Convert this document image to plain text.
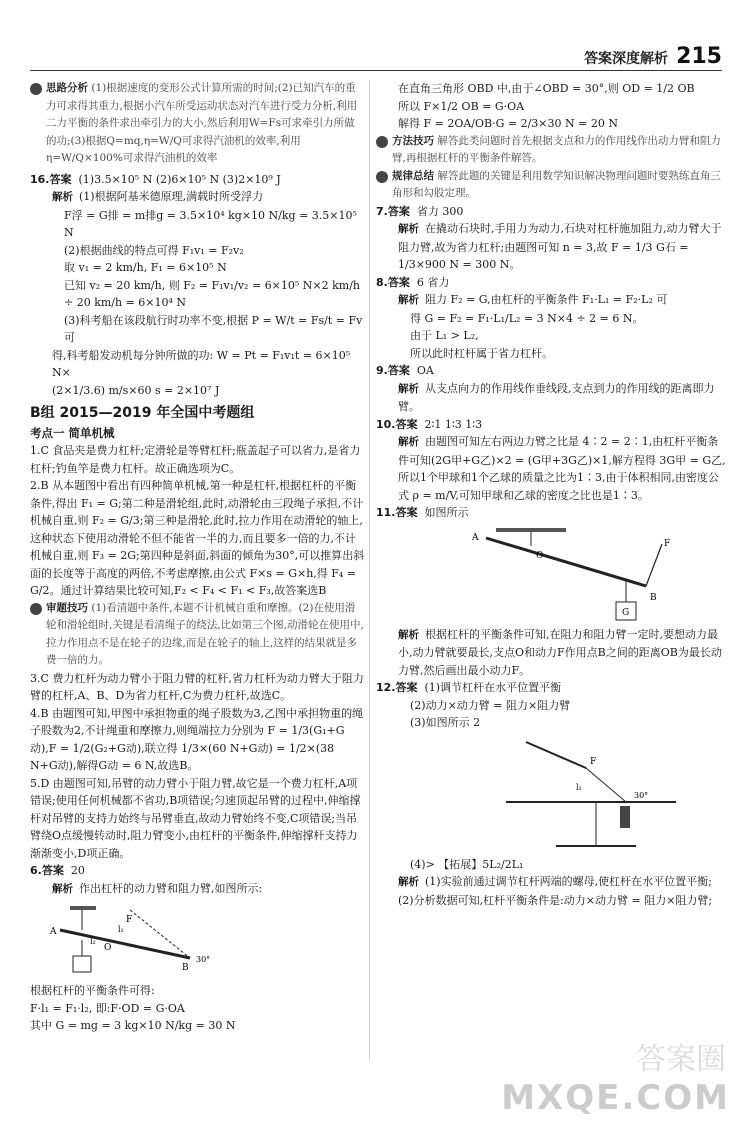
答案深度解析 215

思路分析 (1)根据速度的变形公式计算所需的时间;(2)已知汽车的重力可求得其重力,根据小汽车所受运动状态对汽车进行受力分析,利用二力平衡的条件求出牵引力的大小,然后利用W=Fs可求牵引力所做的功;(3)根据Q=mq,η=W/Q可求得汽油机的效率,利用η=W/Q×100%可求得汽油机的效率

16.答案 (1)3.5×10⁵ N (2)6×10⁵ N (3)2×10⁹ J

解析 (1)根据阿基米德原理,满载时所受浮力

F浮 = G排 = m排g = 3.5×10⁴ kg×10 N/kg = 3.5×10⁵ N

(2)根据曲线的特点可得 F₁v₁ = F₂v₂

取 v₁ = 2 km/h, F₁ = 6×10⁵ N

已知 v₂ = 20 km/h, 则 F₂ = F₁v₁/v₂ = 6×10⁵ N×2 km/h ÷ 20 km/h = 6×10⁴ N

(3)科考船在该段航行时功率不变,根据 P = W/t = Fs/t = Fv 可

得,科考船发动机每分钟所做的功: W = Pt = F₁v₁t = 6×10⁵ N×

(2×1/3.6) m/s×60 s = 2×10⁷ J

B组 2015—2019 年全国中考题组

考点一 简单机械

1.C 食品夹是费力杠杆;定滑轮是等臂杠杆;瓶盖起子可以省力,是省力杠杆;钓鱼竿是费力杠杆。故正确选项为C。

2.B 从本题图中看出有四种简单机械,第一种是杠杆,根据杠杆的平衡条件,得出 F₁ = G;第二种是滑轮组,此时,动滑轮由三段绳子承担,不计机械自重,则 F₂ = G/3;第三种是滑轮,此时,拉力作用在动滑轮的轴上,这种状态下使用动滑轮不但不能省一半的力,而且要多一倍的力,不计机械自重,则 F₃ = 2G;第四种是斜面,斜面的倾角为30°,可以推算出斜面的长度等于高度的两倍,不考虑摩擦,由公式 F×s = G×h,得 F₄ = G/2。通过计算结果比较可知,F₂ < F₄ < F₁ < F₃,故答案选B

审题技巧 (1)看清题中条件,本题不计机械自重和摩擦。(2)在使用滑轮和滑轮组时,关键是看清绳子的绕法,比如第三个图,动滑轮在使用中,拉力作用点不是在轮子的边缘,而是在轮子的轴上,这样的结果就是多费一倍的力。

3.C 费力杠杆为动力臂小于阻力臂的杠杆,省力杠杆为动力臂大于阻力臂的杠杆,A、B、D为省力杠杆,C为费力杠杆,故选C。

4.B 由题图可知,甲图中承担物重的绳子股数为3,乙图中承担物重的绳子股数为2,不计绳重和摩擦力,则绳端拉力分别为 F = 1/3(G₁+G动),F = 1/2(G₂+G动),联立得 1/3×(60 N+G动) = 1/2×(38 N+G动),解得G动 = 6 N,故选B。

5.D 由题图可知,吊臂的动力臂小于阻力臂,故它是一个费力杠杆,A项错误;使用任何机械都不省功,B项错误;匀速顶起吊臂的过程中,伸缩撑杆对吊臂的支持力始终与吊臂垂直,故动力臂始终不变,C项错误;当吊臂绕O点缓慢转动时,阻力臂变小,由杠杆的平衡条件,伸缩撑杆支持力渐渐变小,D项正确。

6.答案 20

解析 作出杠杆的动力臂和阻力臂,如图所示:

A
O
B
F
l₁
l₂
30°

根据杠杆的平衡条件可得:

F·l₁ = F₁·l₂, 即:F·OD = G·OA

其中 G = mg = 3 kg×10 N/kg = 30 N

在直角三角形 OBD 中,由于∠OBD = 30°,则 OD = 1/2 OB

所以 F×1/2 OB = G·OA

解得 F = 2OA/OB·G = 2/3×30 N = 20 N

方法技巧 解答此类问题时首先根据支点和力的作用线作出动力臂和阻力臂,再根据杠杆的平衡条件解答。

规律总结 解答此题的关键是利用数学知识解决物理问题时要熟练直角三角形和勾股定理。

7.答案 省力 300

解析 在撬动石块时,手用力为动力,石块对杠杆施加阻力,动力臂大于阻力臂,故为省力杠杆;由题图可知 n = 3,故 F = 1/3 G石 = 1/3×900 N = 300 N。

8.答案 6 省力

解析 阻力 F₂ = G,由杠杆的平衡条件 F₁·L₁ = F₂·L₂ 可

得 G = F₂ = F₁·L₁/L₂ = 3 N×4 ÷ 2 = 6 N。

由于 L₁ > L₂,

所以此时杠杆属于省力杠杆。

9.答案 OA

解析 从支点向力的作用线作垂线段,支点到力的作用线的距离即力臂。

10.答案 2∶1 1∶3 1∶3

解析 由题图可知左右两边力臂之比是 4∶2 = 2∶1,由杠杆平衡条件可知(2G甲+G乙)×2 = (G甲+3G乙)×1,解方程得 3G甲 = G乙,所以1个甲球和1个乙球的质量之比为1∶3,由于体积相同,由密度公式 ρ = m/V,可知甲球和乙球的密度之比也是1∶3。

11.答案 如图所示

A
O
B
F
G

解析 根据杠杆的平衡条件可知,在阻力和阻力臂一定时,要想动力最小,动力臂就要最长,支点O和动力F作用点B之间的距离OB为最长动力臂,然后画出最小动力F。

12.答案 (1)调节杠杆在水平位置平衡

(2)动力×动力臂 = 阻力×阻力臂

(3)如图所示 2

F
l₁
30°

(4)> 【拓展】5L₂/2L₁

解析 (1)实验前通过调节杠杆两端的螺母,使杠杆在水平位置平衡;

(2)分析数据可知,杠杆平衡条件是:动力×动力臂 = 阻力×阻力臂;

答案圈
MXQE.COM
